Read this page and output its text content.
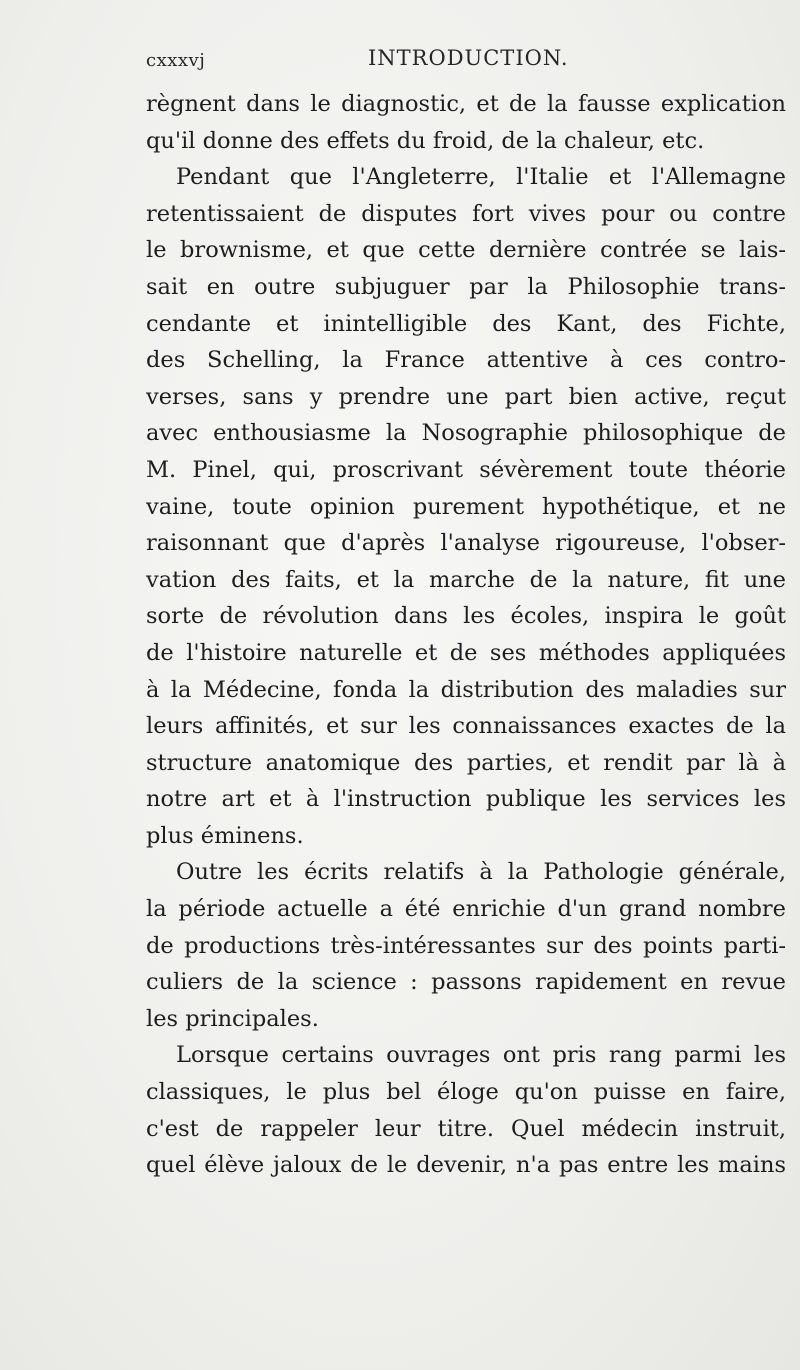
cxxxvj	INTRODUCTION.
règnent dans le diagnostic, et de la fausse explication
qu'il donne des effets du froid, de la chaleur, etc.
Pendant que l'Angleterre, l'Italie et l'Allemagne
retentissaient de disputes fort vives pour ou contre
le brownisme, et que cette dernière contrée se lais-
sait en outre subjuguer par la Philosophie trans-
cendante et inintelligible des Kant, des Fichte,
des Schelling, la France attentive à ces contro-
verses, sans y prendre une part bien active, reçut
avec enthousiasme la Nosographie philosophique de
M. Pinel, qui, proscrivant sévèrement toute théorie
vaine, toute opinion purement hypothétique, et ne
raisonnant que d'après l'analyse rigoureuse, l'obser-
vation des faits, et la marche de la nature, fit une
sorte de révolution dans les écoles, inspira le goût
de l'histoire naturelle et de ses méthodes appliquées
à la Médecine, fonda la distribution des maladies sur
leurs affinités, et sur les connaissances exactes de la
structure anatomique des parties, et rendit par là à
notre art et à l'instruction publique les services les
plus éminens.
Outre les écrits relatifs à la Pathologie générale,
la période actuelle a été enrichie d'un grand nombre
de productions très-intéressantes sur des points parti-
culiers de la science : passons rapidement en revue
les principales.
Lorsque certains ouvrages ont pris rang parmi les
classiques, le plus bel éloge qu'on puisse en faire,
c'est de rappeler leur titre. Quel médecin instruit,
quel élève jaloux de le devenir, n'a pas entre les mains
